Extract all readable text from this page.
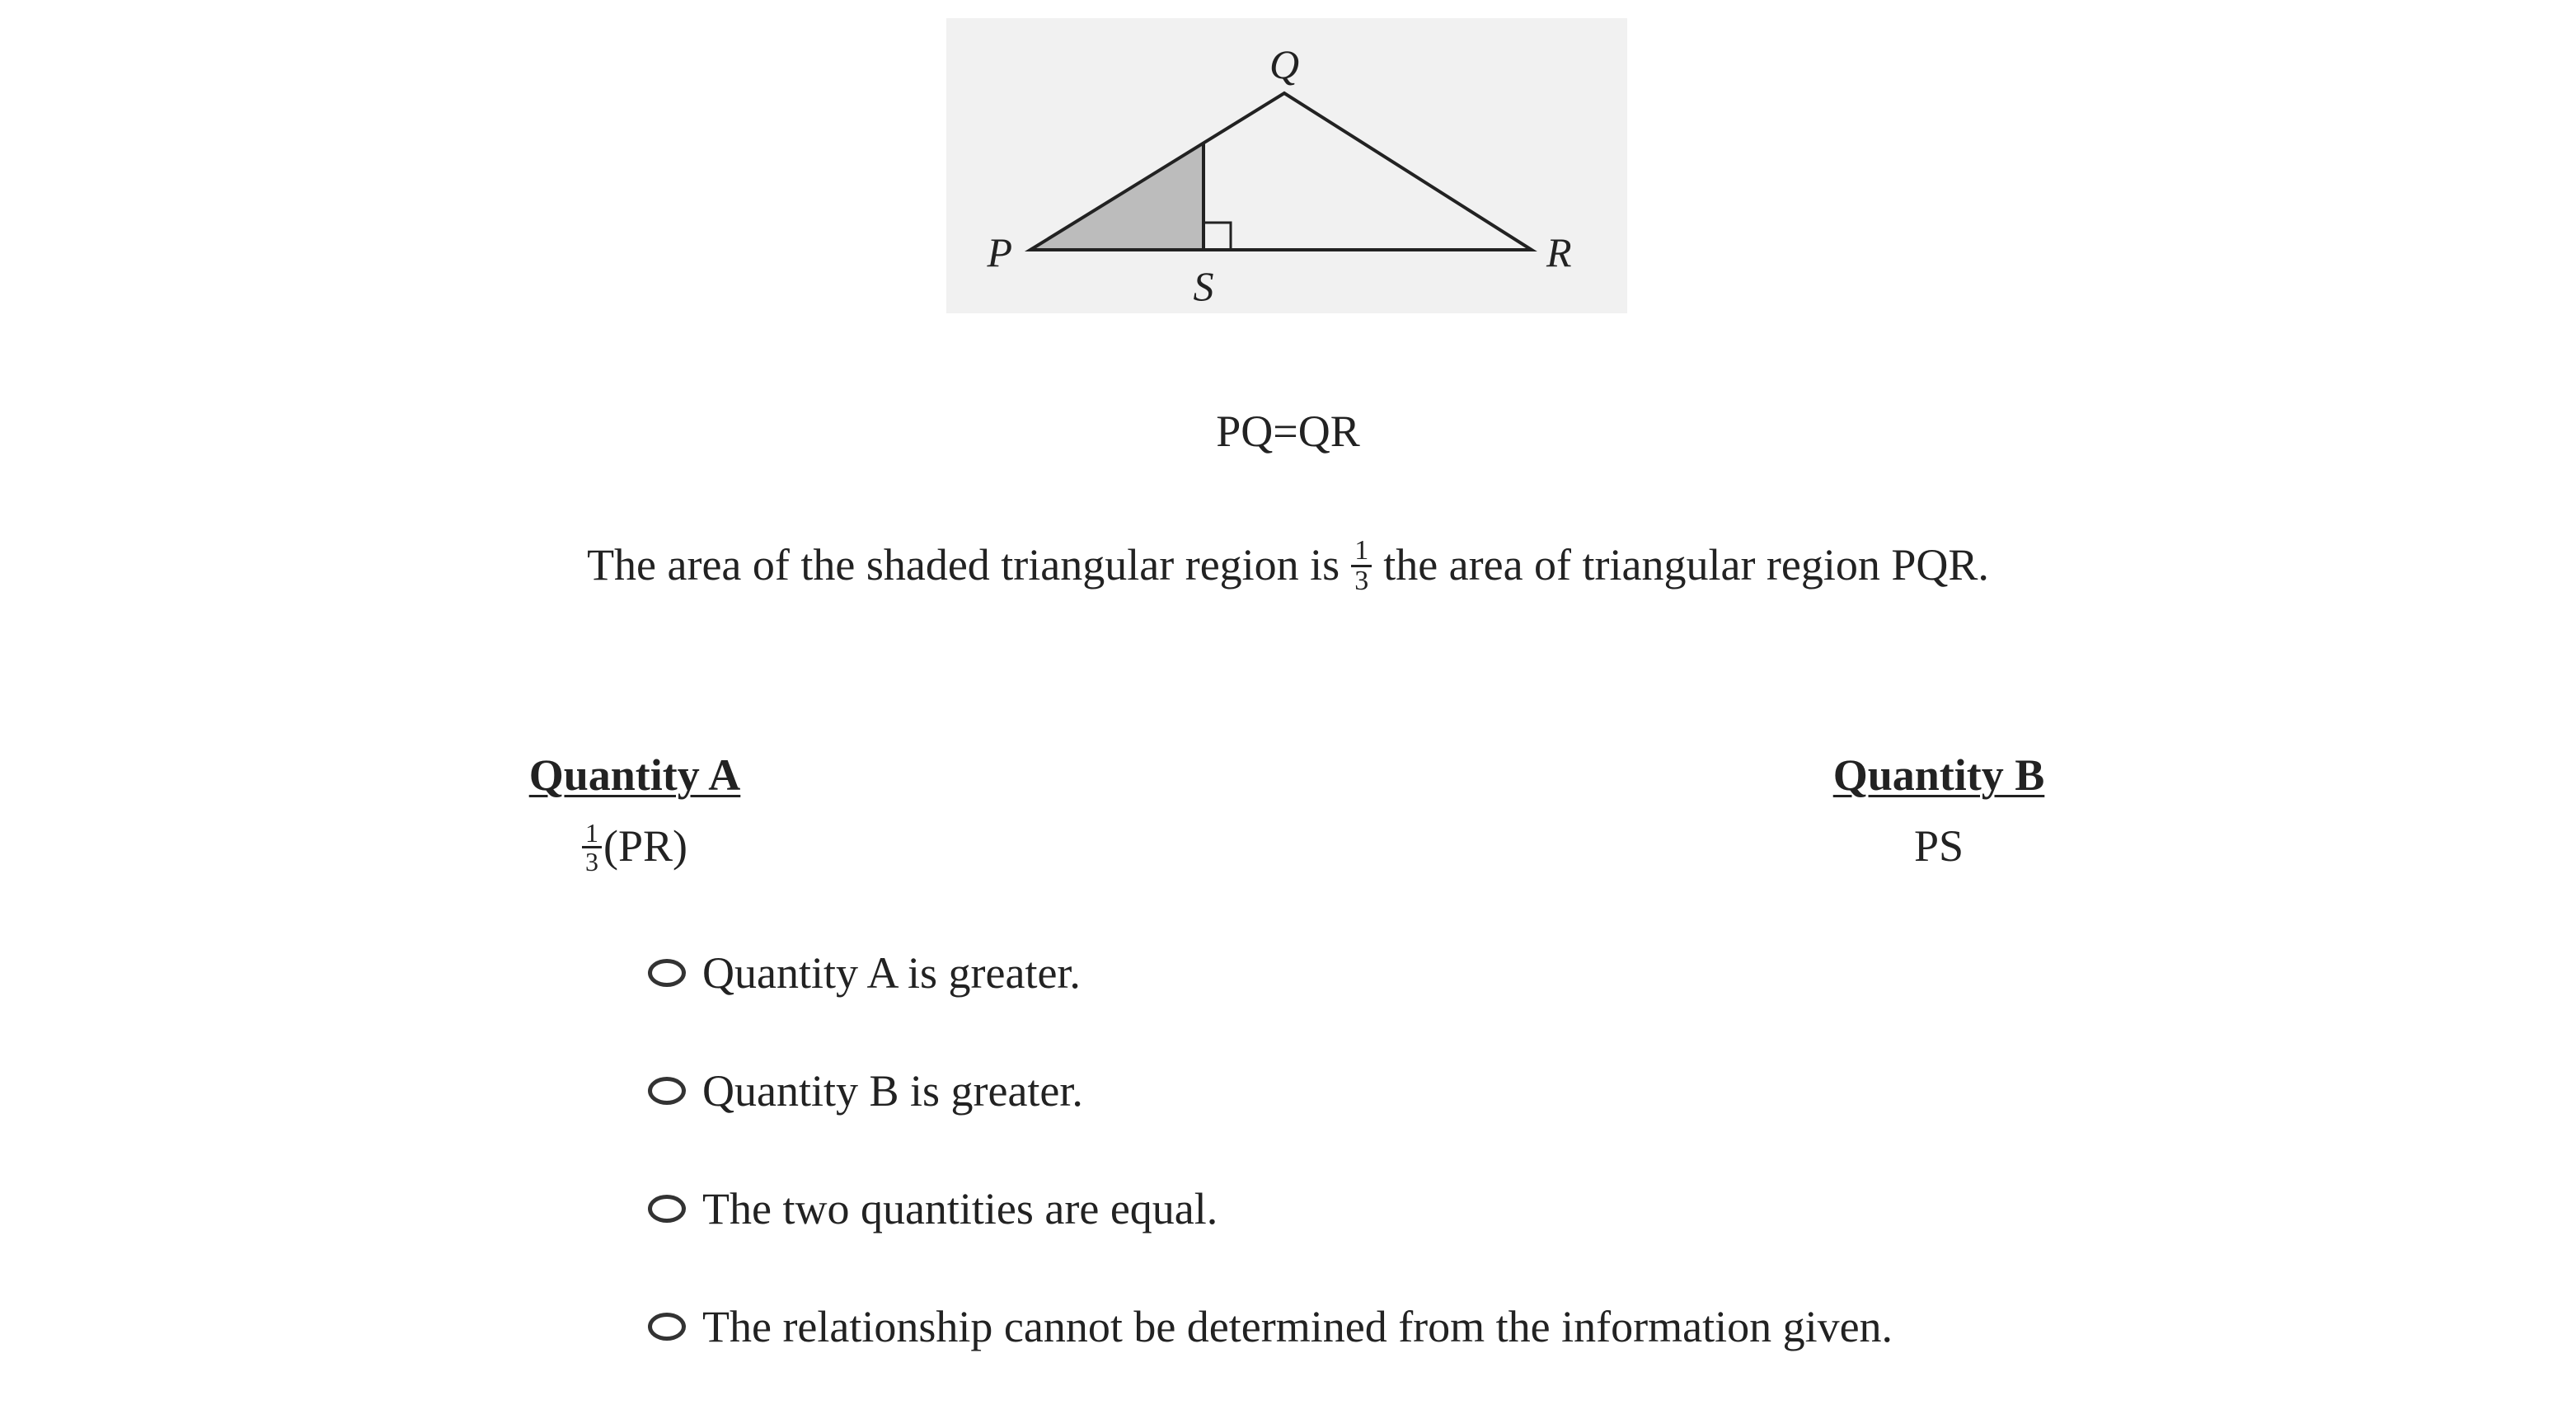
Q
P	R
S
PQ=QR
The area of the shaded triangular region is $\frac{1}{3}$ the area of triangular region PQR.
Quantity A
$\frac{1}{3} (PR)$
Quantity B
PS
Quantity A is greater.
Quantity B is greater.
The two quantities are equal.
The relationship cannot be determined from the information given.
